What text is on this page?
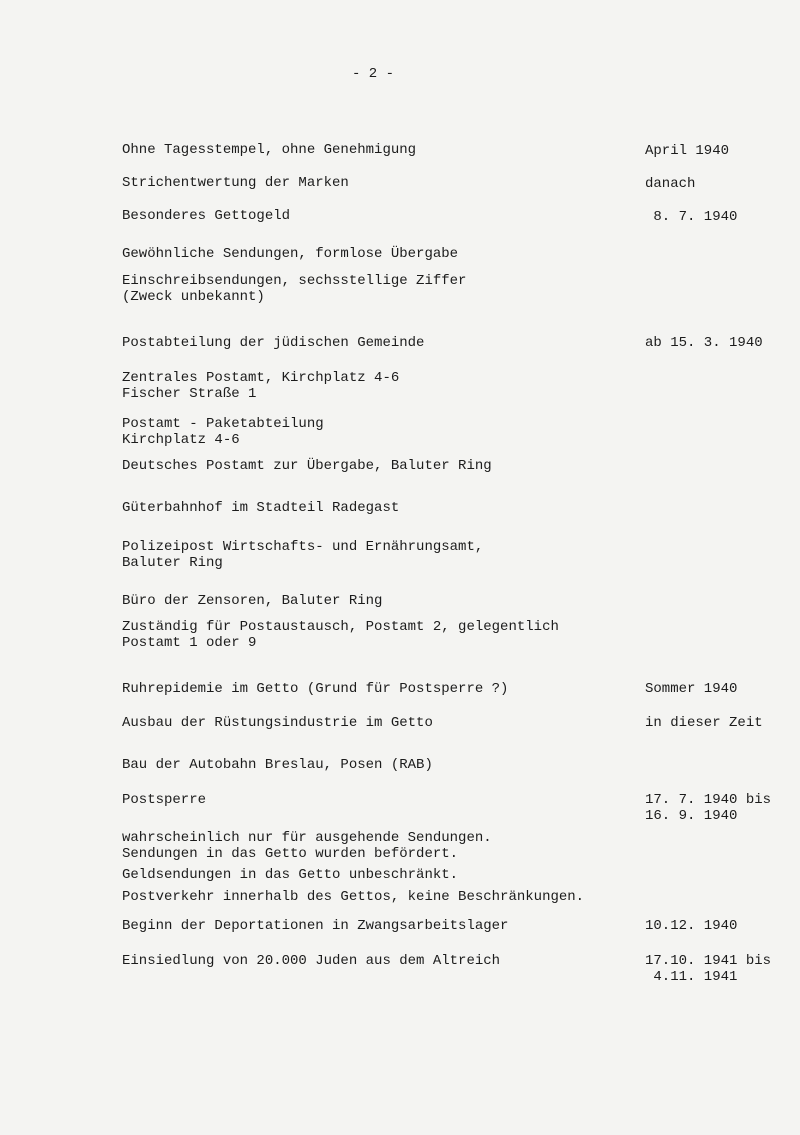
- 2 -
Ohne Tagesstempel, ohne Genehmigung	April 1940
Strichentwertung der Marken	danach
Besonderes Gettogeld	8. 7. 1940
Gewöhnliche Sendungen, formlose Übergabe
Einschreibsendungen, sechsstellige Ziffer
(Zweck unbekannt)
Postabteilung der jüdischen Gemeinde	ab 15. 3. 1940
Zentrales Postamt, Kirchplatz 4-6
Fischer Straße 1
Postamt - Paketabteilung
Kirchplatz 4-6
Deutsches Postamt zur Übergabe, Baluter Ring
Güterbahnhof im Stadteil Radegast
Polizeipost Wirtschafts- und Ernährungsamt,
Baluter Ring
Büro der Zensoren, Baluter Ring
Zuständig für Postaustausch, Postamt 2, gelegentlich
Postamt 1 oder 9
Ruhrepidemie im Getto (Grund für Postsperre ?)	Sommer 1940
Ausbau der Rüstungsindustrie im Getto	in dieser Zeit
Bau der Autobahn Breslau, Posen (RAB)
Postsperre	17. 7. 1940 bis
16. 9. 1940
wahrscheinlich nur für ausgehende Sendungen.
Sendungen in das Getto wurden befördert.
Geldsendungen in das Getto unbeschränkt.
Postverkehr innerhalb des Gettos, keine Beschränkungen.
Beginn der Deportationen in Zwangsarbeitslager	10.12. 1940
Einsiedlung von 20.000 Juden aus dem Altreich	17.10. 1941 bis
4.11. 1941
